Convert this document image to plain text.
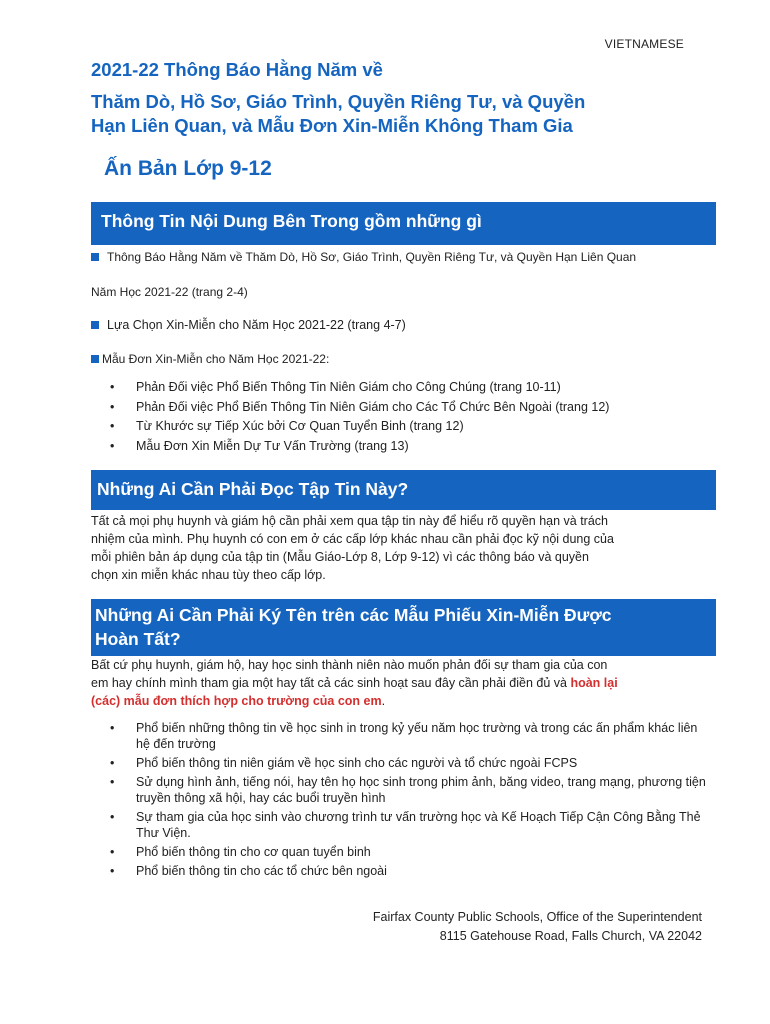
VIETNAMESE
2021-22 Thông Báo Hằng Năm về
Thăm Dò, Hồ Sơ, Giáo Trình, Quyền Riêng Tư, và Quyền
Hạn Liên Quan, và Mẫu Đơn Xin-Miễn Không Tham Gia
Ấn Bản Lớp 9-12
Thông Tin Nội Dung Bên Trong gồm những gì
Thông Báo Hằng Năm về Thăm Dò, Hồ Sơ, Giáo Trình, Quyền Riêng Tư, và Quyền Hạn Liên Quan
Năm Học 2021-22 (trang 2-4)
Lựa Chọn Xin-Miễn cho Năm Học 2021-22 (trang 4-7)
Mẫu Đơn Xin-Miễn cho Năm Học 2021-22:
• Phản Đối việc Phổ Biến Thông Tin Niên Giám cho Công Chúng (trang 10-11)
• Phản Đối việc Phổ Biến Thông Tin Niên Giám cho Các Tổ Chức Bên Ngoài (trang 12)
• Từ Khước sự Tiếp Xúc bởi Cơ Quan Tuyển Binh (trang 12)
• Mẫu Đơn Xin Miễn Dự Tư Vấn Trường (trang 13)
Những Ai Cần Phải Đọc Tập Tin Này?
Tất cả mọi phụ huynh và giám hộ cần phải xem qua tập tin này để hiểu rõ quyền hạn và trách
nhiệm của mình. Phụ huynh có con em ở các cấp lớp khác nhau cần phải đọc kỹ nội dung của
mỗi phiên bản áp dụng của tập tin (Mẫu Giáo-Lớp 8, Lớp 9-12) vì các thông báo và quyền
chọn xin miễn khác nhau tùy theo cấp lớp.
Những Ai Cần Phải Ký Tên trên các Mẫu Phiếu Xin-Miễn Được
Hoàn Tất?
Bất cứ phụ huynh, giám hộ, hay học sinh thành niên nào muốn phản đối sự tham gia của con
em hay chính mình tham gia một hay tất cả các sinh hoạt sau đây cần phải điền đủ và hoàn lại
(các) mẫu đơn thích hợp cho trường của con em.
• Phổ biến những thông tin về học sinh in trong kỷ yếu năm học trường và trong các ấn phẩm khác liên hệ đến trường
• Phổ biến thông tin niên giám về học sinh cho các người và tổ chức ngoài FCPS
• Sử dụng hình ảnh, tiếng nói, hay tên họ học sinh trong phim ảnh, băng video, trang mạng, phương tiện truyền thông xã hội, hay các buổi truyền hình
• Sự tham gia của học sinh vào chương trình tư vấn trường học và Kế Hoạch Tiếp Cận Công Bằng Thẻ Thư Viện.
• Phổ biến thông tin cho cơ quan tuyển binh
• Phổ biến thông tin cho các tổ chức bên ngoài
Fairfax County Public Schools, Office of the Superintendent
8115 Gatehouse Road, Falls Church, VA 22042
